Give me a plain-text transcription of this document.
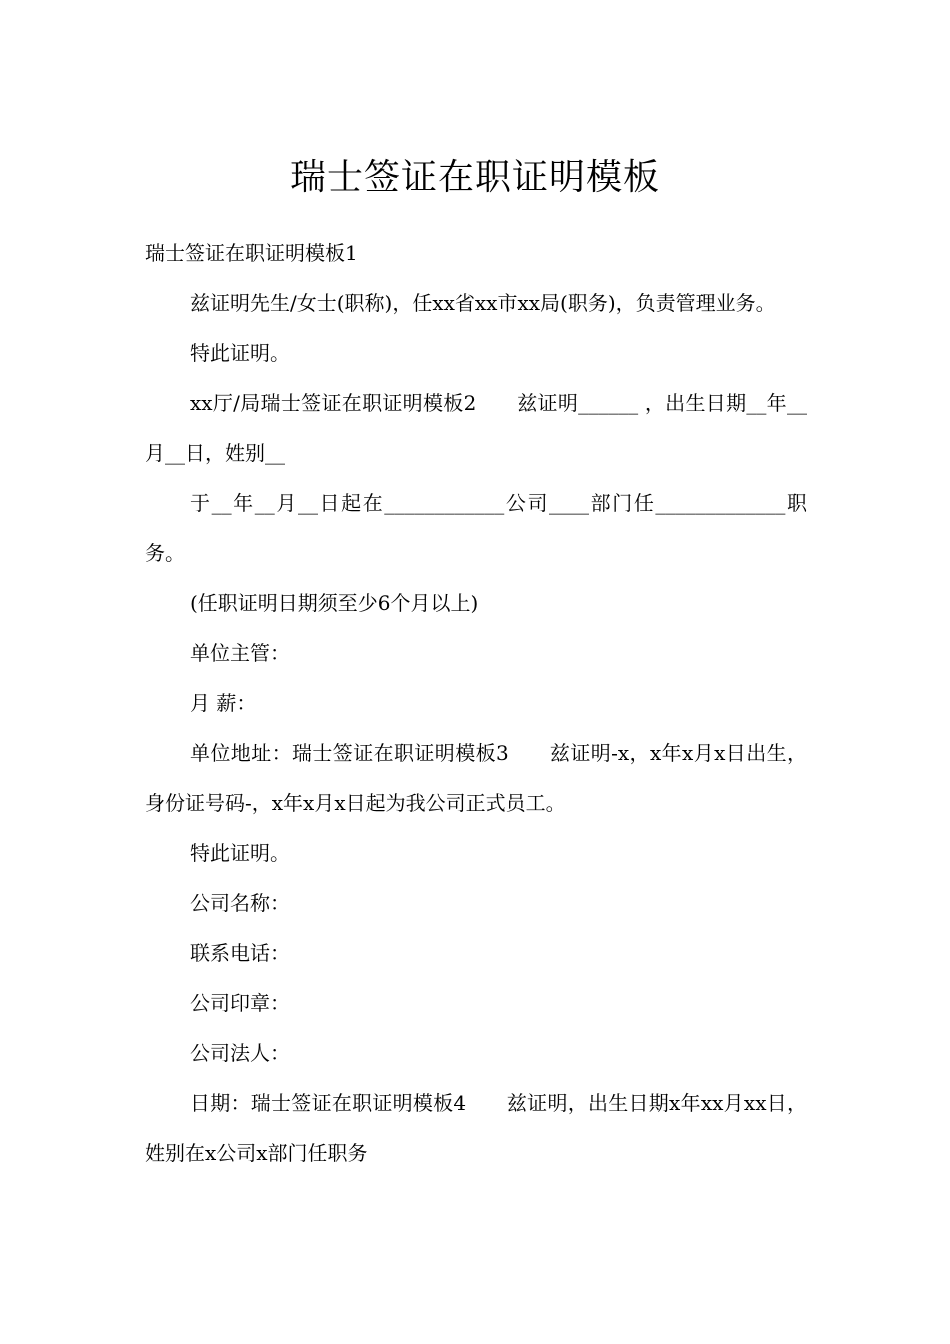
瑞士签证在职证明模板

瑞士签证在职证明模板1

兹证明先生/女士(职称)，任xx省xx市xx局(职务)，负责管理业务。

特此证明。

xx厅/局瑞士签证在职证明模板2　　兹证明______ ，出生日期__年__月__日，姓别__

于__年__月__日起在____________公司____部门任_____________职务。

(任职证明日期须至少6个月以上)

单位主管：

月 薪：

单位地址：瑞士签证在职证明模板3　　兹证明-x，x年x月x日出生，身份证号码-，x年x月x日起为我公司正式员工。

特此证明。

公司名称：

联系电话：

公司印章：

公司法人：

日期：瑞士签证在职证明模板4　　兹证明，出生日期x年xx月xx日，姓别在x公司x部门任职务
